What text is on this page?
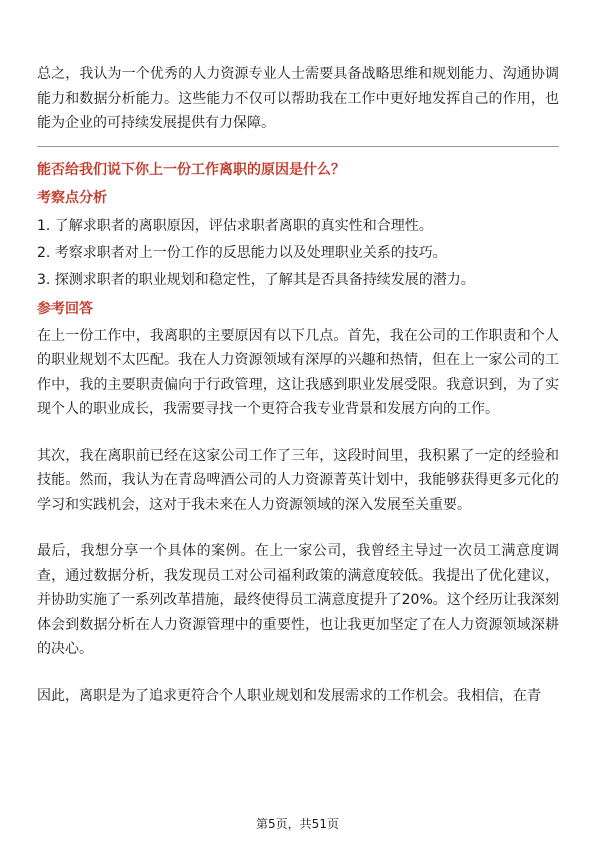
总之，我认为一个优秀的人力资源专业人士需要具备战略思维和规划能力、沟通协调能力和数据分析能力。这些能力不仅可以帮助我在工作中更好地发挥自己的作用，也能为企业的可持续发展提供有力保障。

能否给我们说下你上一份工作离职的原因是什么？

考察点分析

1. 了解求职者的离职原因，评估求职者离职的真实性和合理性。

2. 考察求职者对上一份工作的反思能力以及处理职业关系的技巧。

3. 探测求职者的职业规划和稳定性，了解其是否具备持续发展的潜力。

参考回答

在上一份工作中，我离职的主要原因有以下几点。首先，我在公司的工作职责和个人的职业规划不太匹配。我在人力资源领域有深厚的兴趣和热情，但在上一家公司的工作中，我的主要职责偏向于行政管理，这让我感到职业发展受限。我意识到，为了实现个人的职业成长，我需要寻找一个更符合我专业背景和发展方向的工作。

其次，我在离职前已经在这家公司工作了三年，这段时间里，我积累了一定的经验和技能。然而，我认为在青岛啤酒公司的人力资源菁英计划中，我能够获得更多元化的学习和实践机会，这对于我未来在人力资源领域的深入发展至关重要。

最后，我想分享一个具体的案例。在上一家公司，我曾经主导过一次员工满意度调查，通过数据分析，我发现员工对公司福利政策的满意度较低。我提出了优化建议，并协助实施了一系列改革措施，最终使得员工满意度提升了20%。这个经历让我深刻体会到数据分析在人力资源管理中的重要性，也让我更加坚定了在人力资源领域深耕的决心。

因此，离职是为了追求更符合个人职业规划和发展需求的工作机会。我相信，在青

第5页，共51页
